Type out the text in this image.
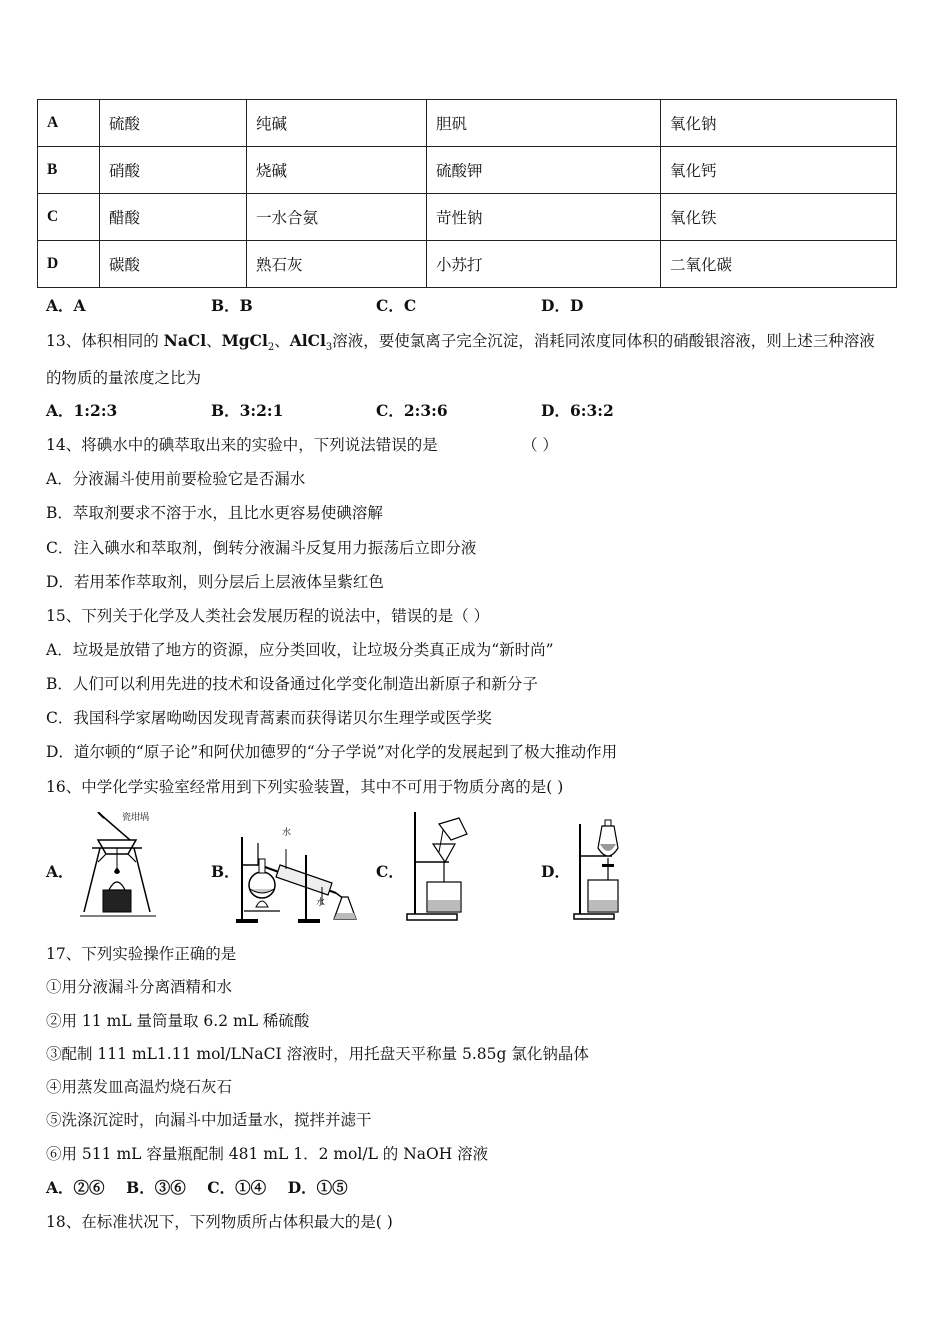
A	硫酸	纯碱	胆矾	氧化钠
B	硝酸	烧碱	硫酸钾	氧化钙
C	醋酸	一水合氨	苛性钠	氧化铁
D	碳酸	熟石灰	小苏打	二氧化碳
A．A	B．B	C．C	D．D
13、体积相同的 NaCl、MgCl$_2$、AlCl$_3$溶液，要使氯离子完全沉淀，消耗同浓度同体积的硝酸银溶液，则上述三种溶液
的物质的量浓度之比为
A．1:2:3	B．3:2:1	C．2:3:6	D．6:3:2
14、将碘水中的碘萃取出来的实验中，下列说法错误的是	（ ）
A．分液漏斗使用前要检验它是否漏水
B．萃取剂要求不溶于水，且比水更容易使碘溶解
C．注入碘水和萃取剂，倒转分液漏斗反复用力振荡后立即分液
D．若用苯作萃取剂，则分层后上层液体呈紫红色
15、下列关于化学及人类社会发展历程的说法中，错误的是（ ）
A．垃圾是放错了地方的资源，应分类回收，让垃圾分类真正成为“新时尚”
B．人们可以利用先进的技术和设备通过化学变化制造出新原子和新分子
C．我国科学家屠呦呦因发现青蒿素而获得诺贝尔生理学或医学奖
D．道尔顿的“原子论”和阿伏加德罗的“分子学说”对化学的发展起到了极大推动作用
16、中学化学实验室经常用到下列实验装置，其中不可用于物质分离的是( )
A．	B．	C．	D．
瓷坩埚
水
水
17、下列实验操作正确的是
①用分液漏斗分离酒精和水
②用 11 mL 量筒量取 6.2 mL 稀硫酸
③配制 111 mL1.11 mol/LNaCI 溶液时，用托盘天平称量 5.85g 氯化钠晶体
④用蒸发皿高温灼烧石灰石
⑤洗涤沉淀时，向漏斗中加适量水，搅拌并滤干
⑥用 511 mL 容量瓶配制 481 mL 1．2 mol/L 的 NaOH 溶液
A．②⑥    B．③⑥    C．①④    D．①⑤
18、在标准状况下，下列物质所占体积最大的是( )
